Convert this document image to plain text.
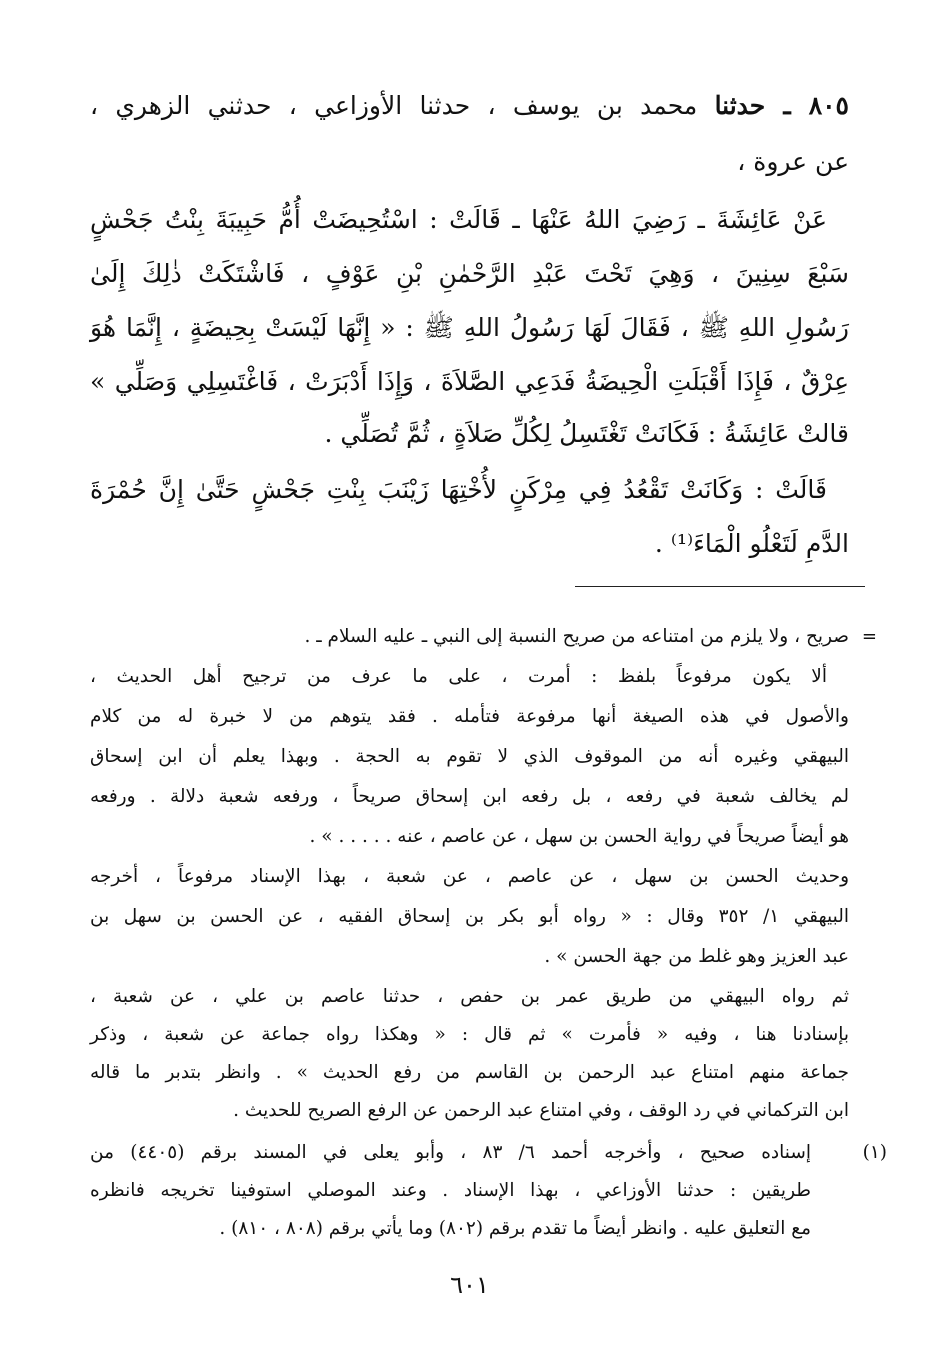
٨٠٥ ـ حدثنا محمد بن يوسف ، حدثنا الأوزاعي ، حدثني الزهري ،
عن عروة ،
عَنْ عَائِشَةَ ـ رَضِيَ اللهُ عَنْهَا ـ قَالَتْ : اسْتُحِيضَتْ أُمُّ حَبِيبَةَ بِنْتُ جَحْشٍ
سَبْعَ سِنِينَ ، وَهِيَ تَحْتَ عَبْدِ الرَّحْمٰنِ بْنِ عَوْفٍ ، فَاشْتَكَتْ ذٰلِكَ إِلَىٰ
رَسُولِ اللهِ ﷺ ، فَقَالَ لَهَا رَسُولُ اللهِ ﷺ : « إِنَّهَا لَيْسَتْ بِحِيضَةٍ ، إِنَّمَا هُوَ
عِرْقٌ ، فَإِذَا أَقْبَلَتِ الْحِيضَةُ فَدَعِي الصَّلاَةَ ، وَإِذَا أَدْبَرَتْ ، فَاغْتَسِلِي وَصَلِّي »
قالتْ عَائِشَةُ : فَكَانَتْ تَغْتَسِلُ لِكُلِّ صَلاَةٍ ، ثُمَّ تُصَلِّي .
قَالَتْ : وَكَانَتْ تَقْعُدُ فِي مِرْكَنٍ لأُخْتِهَا زَيْنَبَ بِنْتِ جَحْشٍ حَتَّىٰ إِنَّ حُمْرَةَ
الدَّمِ لَتَعْلُو الْمَاءَ⁽¹⁾ .
=
صريح ، ولا يلزم من امتناعه من صريح النسبة إلى النبي ـ عليه السلام ـ .
ألا يكون مرفوعاً بلفظ : أمرت ، على ما عرف من ترجيح أهل الحديث ،
والأصول في هذه الصيغة أنها مرفوعة فتأمله . فقد يتوهم من لا خبرة له من كلام
البيهقي وغيره أنه من الموقوف الذي لا تقوم به الحجة . وبهذا يعلم أن ابن إسحاق
لم يخالف شعبة في رفعه ، بل رفعه ابن إسحاق صريحاً ، ورفعه شعبة دلالة . ورفعه
هو أيضاً صريحاً في رواية الحسن بن سهل ، عن عاصم ، عنه . . . . . » .
وحديث الحسن بن سهل ، عن عاصم ، عن شعبة ، بهذا الإسناد مرفوعاً ، أخرجه
البيهقي ١/ ٣٥٢ وقال : « رواه أبو بكر بن إسحاق الفقيه ، عن الحسن بن سهل بن
عبد العزيز وهو غلط من جهة الحسن » .
ثم رواه البيهقي من طريق عمر بن حفص ، حدثنا عاصم بن علي ، عن شعبة ،
بإسنادنا هنا ، وفيه « فأمرت » ثم قال : « وهكذا رواه جماعة عن شعبة ، وذكر
جماعة منهم امتناع عبد الرحمن بن القاسم من رفع الحديث » . وانظر بتدبر ما قاله
ابن التركماني في رد الوقف ، وفي امتناع عبد الرحمن عن الرفع الصريح للحديث .
(١)
إسناده صحيح ، وأخرجه أحمد ٦/ ٨٣ ، وأبو يعلى في المسند برقم (٤٤٠٥) من
طريقين : حدثنا الأوزاعي ، بهذا الإسناد . وعند الموصلي استوفينا تخريجه فانظره
مع التعليق عليه . وانظر أيضاً ما تقدم برقم (٨٠٢) وما يأتي برقم (٨٠٨ ، ٨١٠) .
٦٠١
